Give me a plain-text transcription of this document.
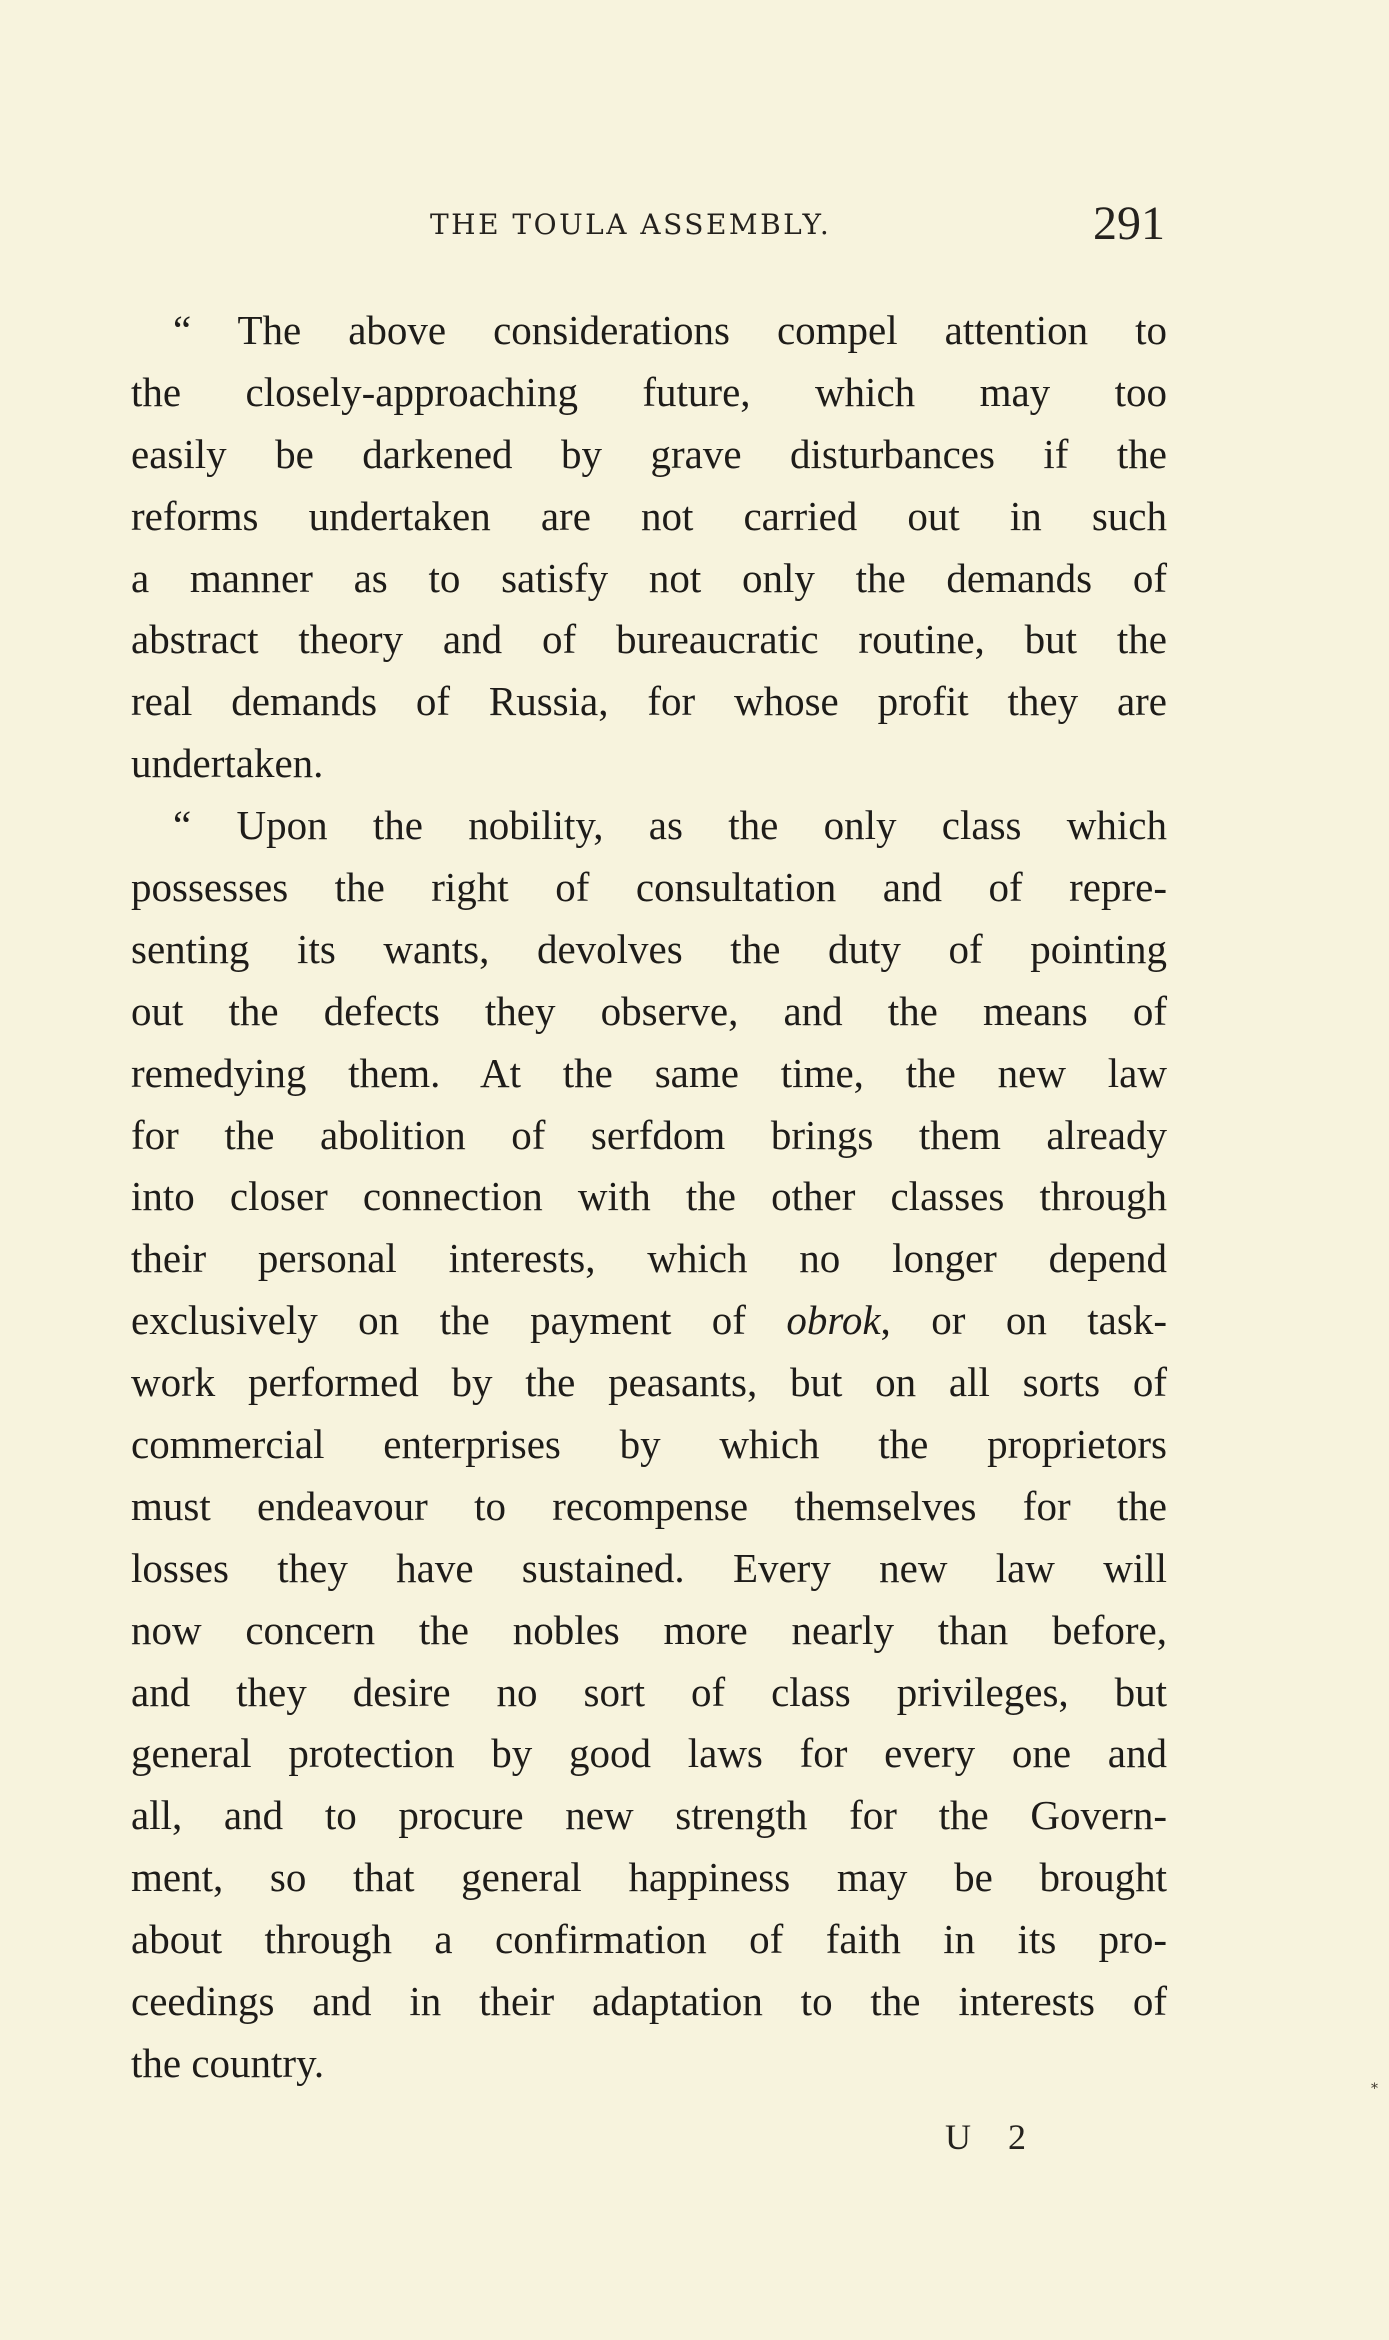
THE TOULA ASSEMBLY.	291
“ The above considerations compel attention to
the closely-approaching future, which may too
easily be darkened by grave disturbances if the
reforms undertaken are not carried out in such
a manner as to satisfy not only the demands of
abstract theory and of bureaucratic routine, but the
real demands of Russia, for whose profit they are
undertaken.
“ Upon the nobility, as the only class which
possesses the right of consultation and of repre-
senting its wants, devolves the duty of pointing
out the defects they observe, and the means of
remedying them. At the same time, the new law
for the abolition of serfdom brings them already
into closer connection with the other classes through
their personal interests, which no longer depend
exclusively on the payment of obrok, or on task-
work performed by the peasants, but on all sorts of
commercial enterprises by which the proprietors
must endeavour to recompense themselves for the
losses they have sustained. Every new law will
now concern the nobles more nearly than before,
and they desire no sort of class privileges, but
general protection by good laws for every one and
all, and to procure new strength for the Govern-
ment, so that general happiness may be brought
about through a confirmation of faith in its pro-
ceedings and in their adaptation to the interests of
the country.
U 2
*
